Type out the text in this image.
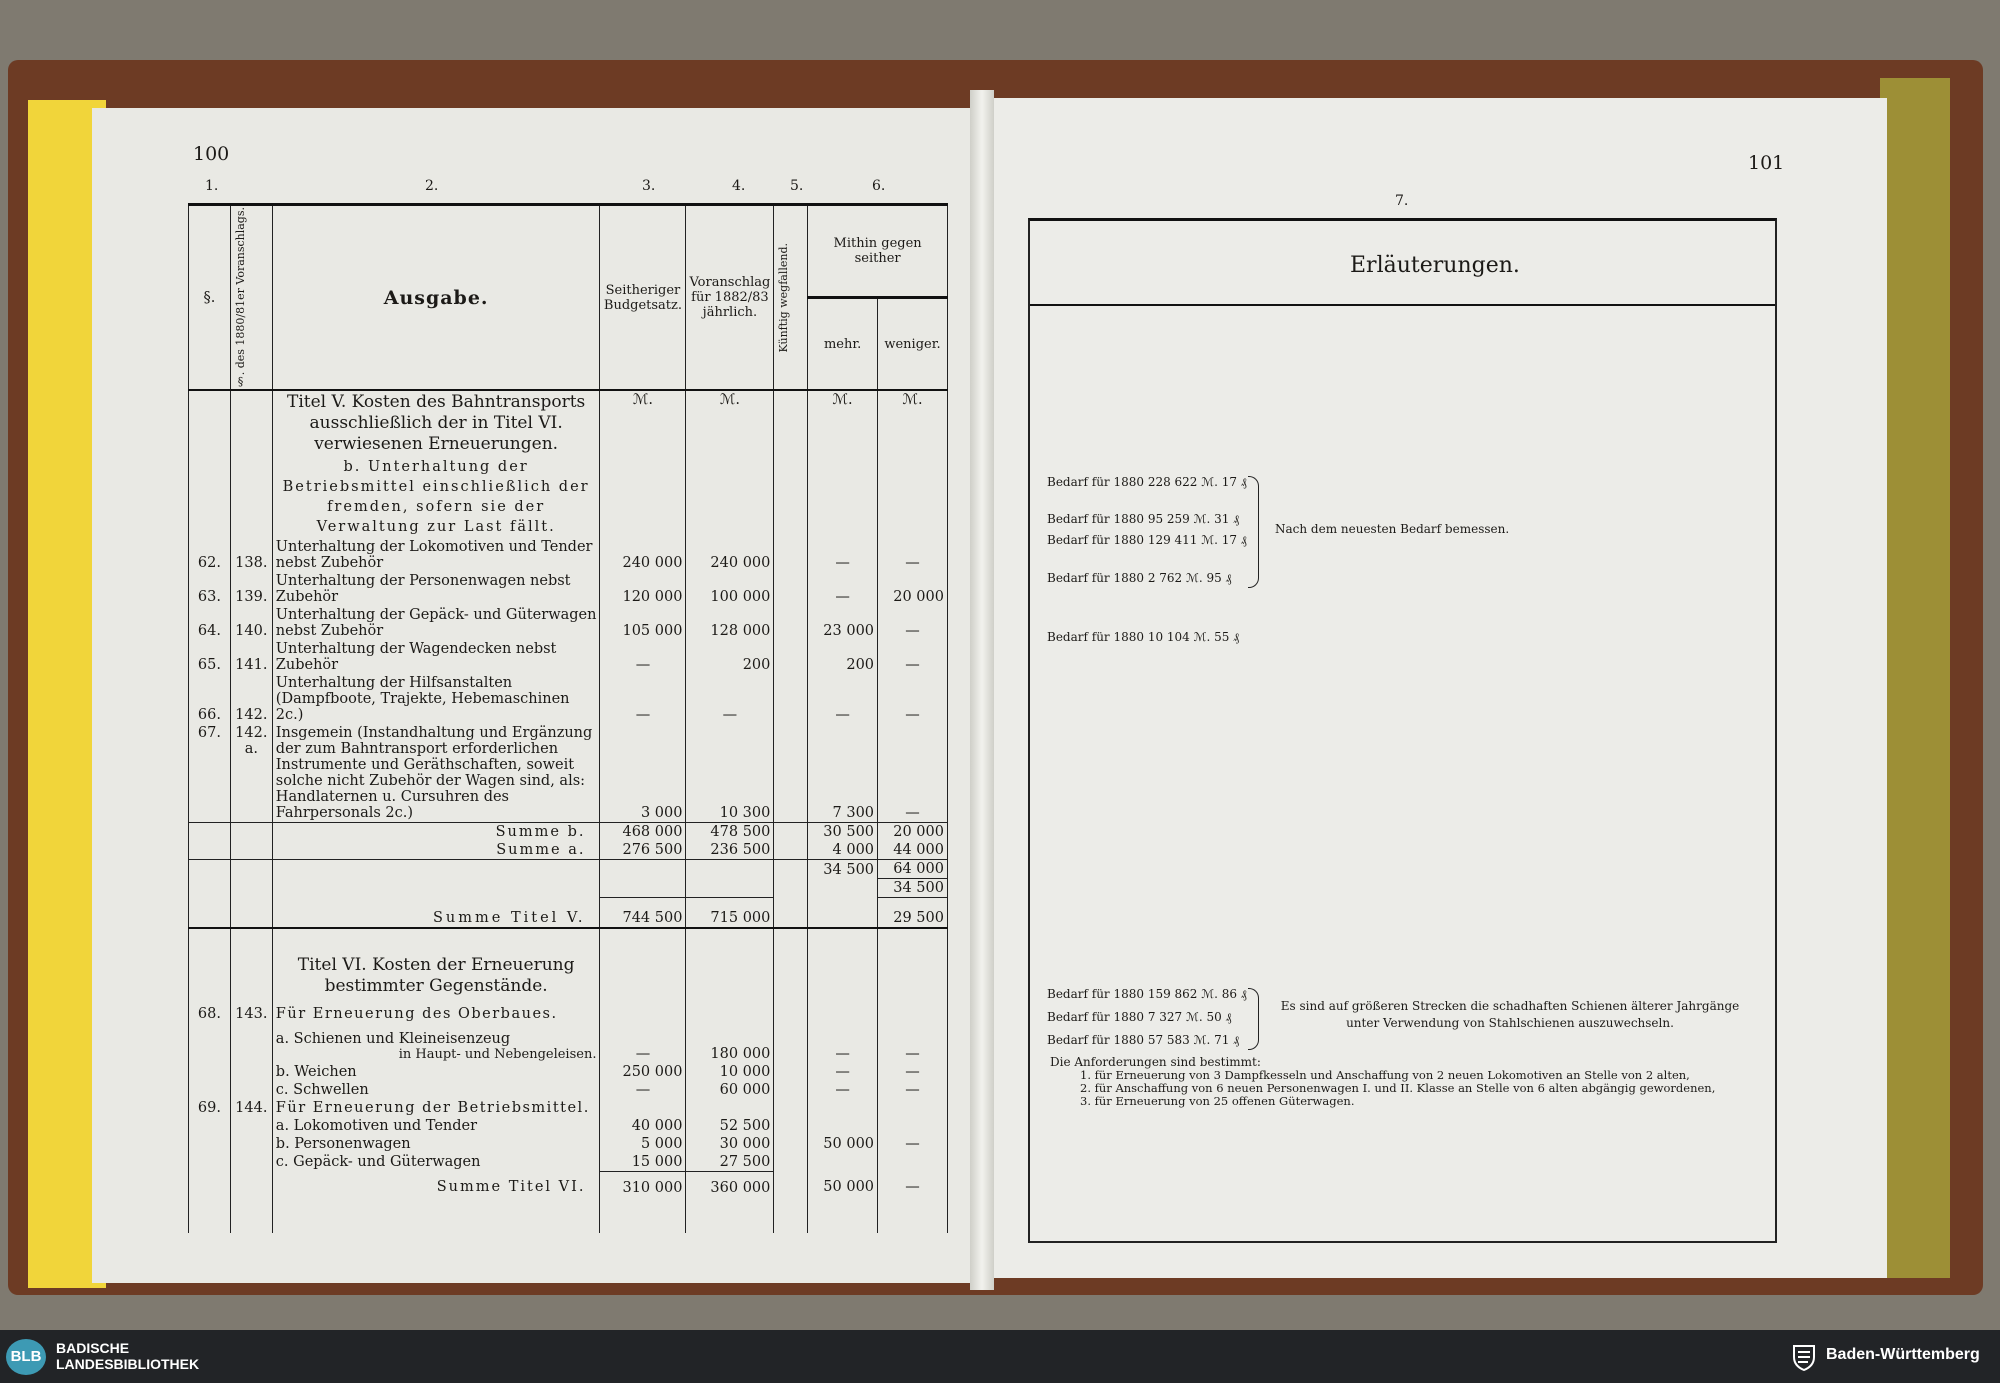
100	101
1.	2.	3.	4.	5.	6.
7.
§.	§. des 1880/81er Voranschlags.	Ausgabe.	Seitheriger Budgetsatz.	Voranschlag für 1882/83 jährlich.	Künftig wegfallend.	Mithin gegen seither	
						mehr.	weniger.
		Titel V. Kosten des Bahntransports ausschließlich der in Titel VI. verwiesenen Erneuerungen.	ℳ.	ℳ.		ℳ.	ℳ.
		b. Unterhaltung der Betriebsmittel einschließlich der fremden, sofern sie der Verwaltung zur Last fällt.					
62.	138.	Unterhaltung der Lokomotiven und Tender nebst Zubehör	240 000	240 000		—	—
63.	139.	Unterhaltung der Personenwagen nebst Zubehör	120 000	100 000		—	20 000
64.	140.	Unterhaltung der Gepäck- und Güterwagen nebst Zubehör	105 000	128 000		23 000	—
65.	141.	Unterhaltung der Wagendecken nebst Zubehör	—	200		200	—
66.	142.	Unterhaltung der Hilfsanstalten (Dampfboote, Trajekte, Hebemaschinen 2c.)	—	—		—	—
67.	142. a.	Insgemein (Instandhaltung und Ergänzung der zum Bahntransport erforderlichen Instrumente und Geräthschaften, soweit solche nicht Zubehör der Wagen sind, als: Handlaternen u. Cursuhren des Fahrpersonals 2c.)	3 000	10 300		7 300	—
		Summe b.	468 000	478 500		30 500	20 000
		Summe a.	276 500	236 500		4 000	44 000
						34 500	64 000
							34 500
		Summe Titel V.	744 500	715 000			29 500
		Titel VI. Kosten der Erneuerung bestimmter Gegenstände.					
68.	143.	Für Erneuerung des Oberbaues.					
		a. Schienen und Kleineisenzeug
in Haupt- und Nebengeleisen.	—	180 000		—	—
		b. Weichen	250 000	10 000		—	—
		c. Schwellen	—	60 000		—	—
69.	144.	Für Erneuerung der Betriebsmittel.					
		a. Lokomotiven und Tender	40 000	52 500			
		b. Personenwagen	5 000	30 000		50 000	—
		c. Gepäck- und Güterwagen	15 000	27 500			
		Summe Titel VI.	310 000	360 000		50 000	—
Erläuterungen.
Bedarf für 1880 228 622 ℳ. 17 ₰
Bedarf für 1880 95 259 ℳ. 31 ₰
Bedarf für 1880 129 411 ℳ. 17 ₰
Bedarf für 1880 2 762 ℳ. 95 ₰
Bedarf für 1880 10 104 ℳ. 55 ₰
Nach dem neuesten Bedarf bemessen.
Bedarf für 1880 159 862 ℳ. 86 ₰
Bedarf für 1880 7 327 ℳ. 50 ₰
Bedarf für 1880 57 583 ℳ. 71 ₰
Es sind auf größeren Strecken die schadhaften Schienen älterer Jahrgänge unter Verwendung von Stahlschienen auszuwechseln.
Die Anforderungen sind bestimmt:
1. für Erneuerung von 3 Dampfkesseln und Anschaffung von 2 neuen Lokomotiven an Stelle von 2 alten,
2. für Anschaffung von 6 neuen Personenwagen I. und II. Klasse an Stelle von 6 alten abgängig gewordenen,
3. für Erneuerung von 25 offenen Güterwagen.
BLB	BADISCHE
LANDESBIBLIOTHEK
Baden-Württemberg
